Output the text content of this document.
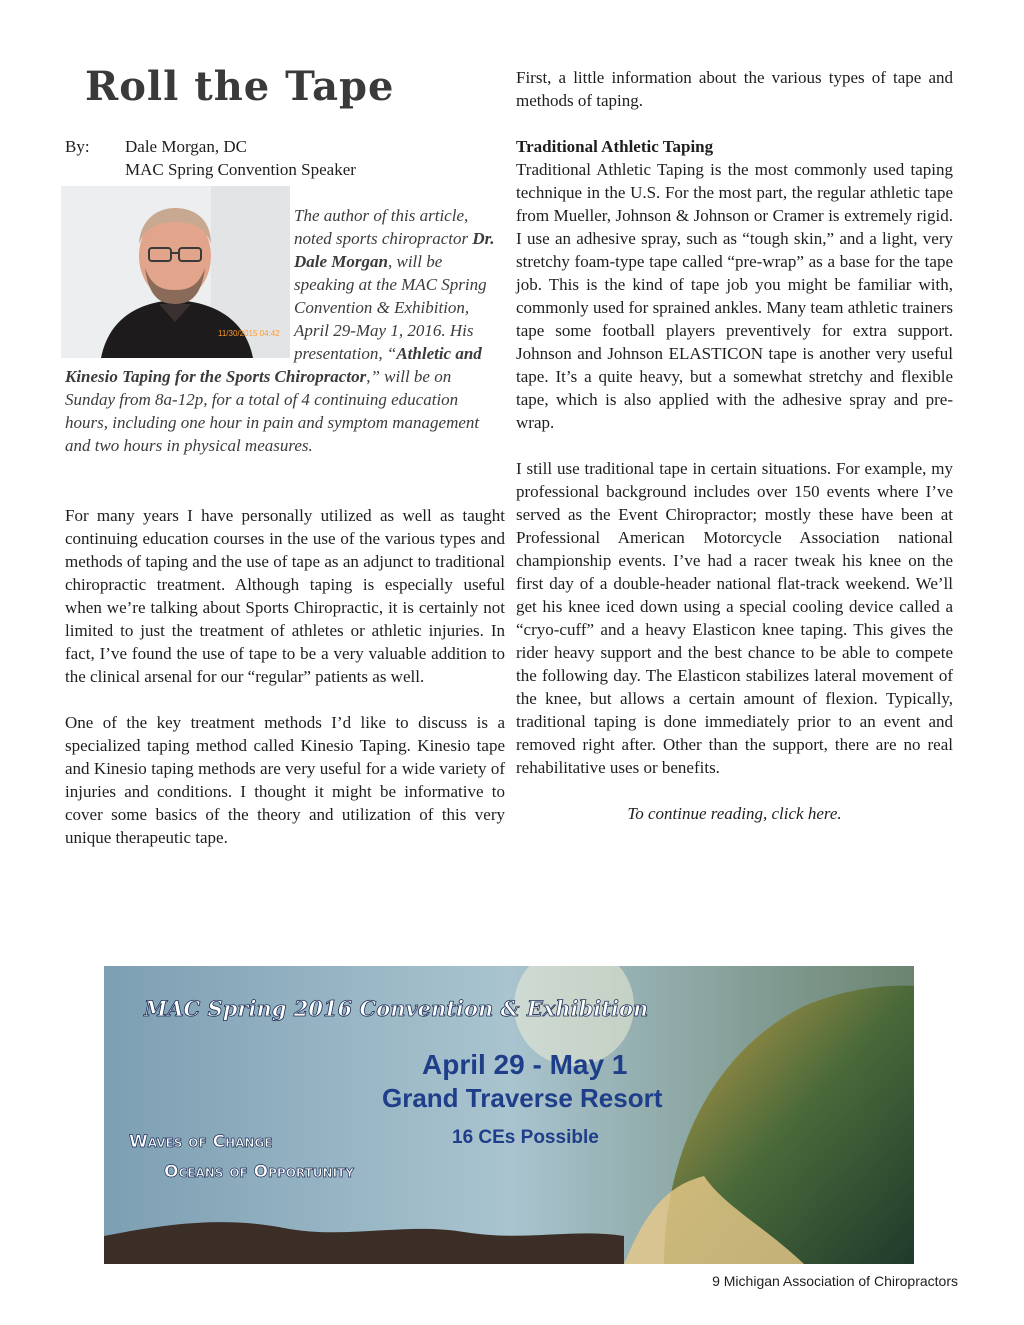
Roll the Tape
By: Dale Morgan, DC
MAC Spring Convention Speaker
The author of this article, noted sports chiropractor Dr. Dale Morgan, will be speaking at the MAC Spring Convention & Exhibition, April 29-May 1, 2016. His presentation, “Athletic and Kinesio Taping for the Sports Chiropractor,” will be on Sunday from 8a-12p, for a total of 4 continuing education hours, including one hour in pain and symptom management and two hours in physical measures.
11/30/2015 04:42

For many years I have personally utilized as well as taught continuing education courses in the use of the various types and methods of taping and the use of tape as an adjunct to traditional chiropractic treatment. Although taping is especially useful when we’re talking about Sports Chiropractic, it is certainly not limited to just the treatment of athletes or athletic injuries. In fact, I’ve found the use of tape to be a very valuable addition to the clinical arsenal for our “regular” patients as well.

One of the key treatment methods I’d like to discuss is a specialized taping method called Kinesio Taping. Kinesio tape and Kinesio taping methods are very useful for a wide variety of injuries and conditions. I thought it might be informative to cover some basics of the theory and utilization of this very unique therapeutic tape.

First, a little information about the various types of tape and methods of taping.

Traditional Athletic Taping
Traditional Athletic Taping is the most commonly used taping technique in the U.S. For the most part, the regular athletic tape from Mueller, Johnson & Johnson or Cramer is extremely rigid. I use an adhesive spray, such as “tough skin,” and a light, very stretchy foam-type tape called “pre-wrap” as a base for the tape job. This is the kind of tape job you might be familiar with, commonly used for sprained ankles. Many team athletic trainers tape some football players preventively for extra support. Johnson and Johnson ELASTICON tape is another very useful tape. It’s a quite heavy, but a somewhat stretchy and flexible tape, which is also applied with the adhesive spray and pre-wrap.

I still use traditional tape in certain situations. For example, my professional background includes over 150 events where I’ve served as the Event Chiropractor; mostly these have been at Professional American Motorcycle Association national championship events. I’ve had a racer tweak his knee on the first day of a double-header national flat-track weekend. We’ll get his knee iced down using a special cooling device called a “cryo-cuff” and a heavy Elasticon knee taping. This gives the rider heavy support and the best chance to be able to compete the following day. The Elasticon stabilizes lateral movement of the knee, but allows a certain amount of flexion. Typically, traditional taping is done immediately prior to an event and removed right after. Other than the support, there are no real rehabilitative uses or benefits.

To continue reading, click here.

MAC Spring 2016 Convention & Exhibition
April 29 - May 1
Grand Traverse Resort
16 CEs Possible
Waves of Change
Oceans of Opportunity
9 Michigan Association of Chiropractors
